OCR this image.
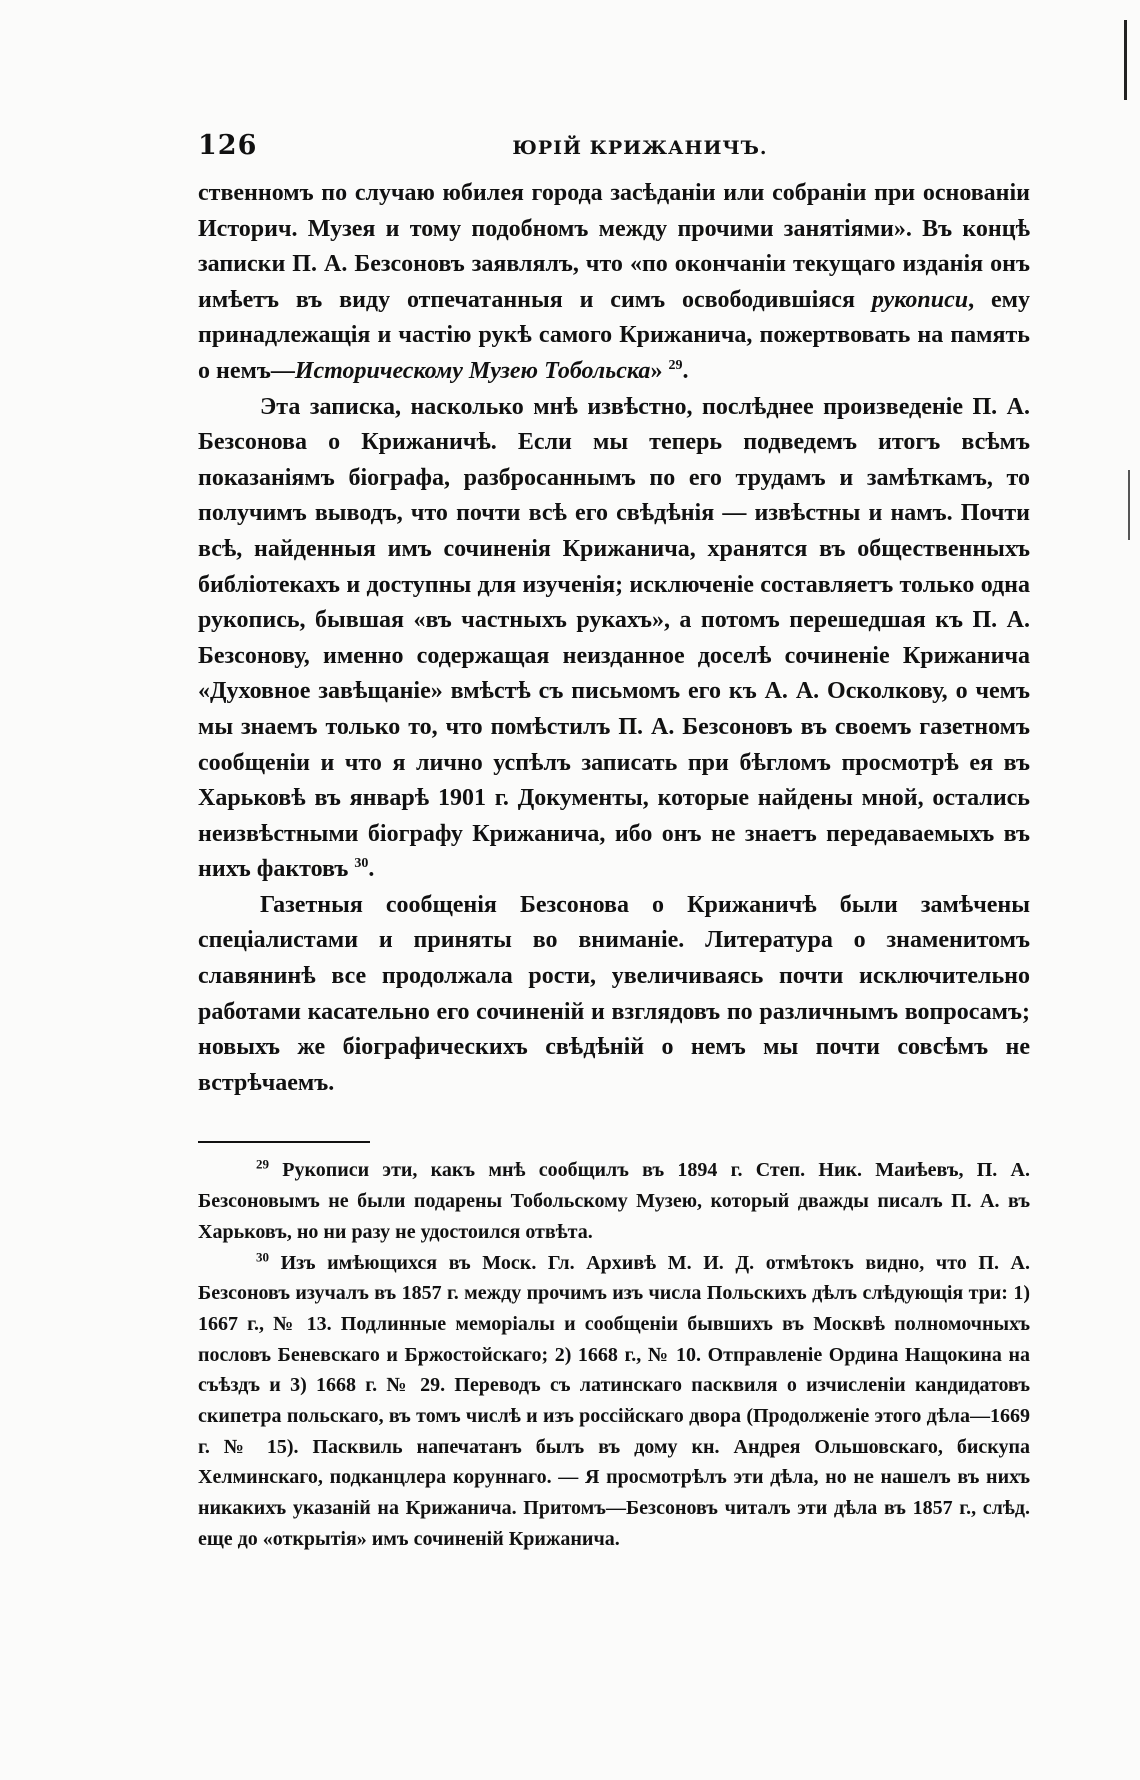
126	ЮРІЙ КРИЖАНИЧЪ.

ственномъ по случаю юбилея города засѣданіи или собраніи при основаніи Историч. Музея и тому подобномъ между прочими занятіями». Въ концѣ записки П. А. Безсоновъ заявлялъ, что «по окончаніи текущаго изданія онъ имѣетъ въ виду отпечатанныя и симъ освободившіяся рукописи, ему принадлежащія и частію рукѣ самого Крижанича, пожертвовать на память о немъ—Историческому Музею Тобольска» $^{29}$.

Эта записка, насколько мнѣ извѣстно, послѣднее произведеніе П. А. Безсонова о Крижаничѣ. Если мы теперь подведемъ итогъ всѣмъ показаніямъ біографа, разбросаннымъ по его трудамъ и замѣткамъ, то получимъ выводъ, что почти всѣ его свѣдѣнія — извѣстны и намъ. Почти всѣ, найденныя имъ сочиненія Крижанича, хранятся въ общественныхъ библіотекахъ и доступны для изученія; исключеніе составляетъ только одна рукопись, бывшая «въ частныхъ рукахъ», а потомъ перешедшая къ П. А. Безсонову, именно содержащая неизданное доселѣ сочиненіе Крижанича «Духовное завѣщаніе» вмѣстѣ съ письмомъ его къ А. А. Осколкову, о чемъ мы знаемъ только то, что помѣстилъ П. А. Безсоновъ въ своемъ газетномъ сообщеніи и что я лично успѣлъ записать при бѣгломъ просмотрѣ ея въ Харьковѣ въ январѣ 1901 г. Документы, которые найдены мной, остались неизвѣстными біографу Крижанича, ибо онъ не знаетъ передаваемыхъ въ нихъ фактовъ $^{30}$.

Газетныя сообщенія Безсонова о Крижаничѣ были замѣчены спеціалистами и приняты во вниманіе. Литература о знаменитомъ славянинѣ все продолжала рости, увеличиваясь почти исключительно работами касательно его сочиненій и взглядовъ по различнымъ вопросамъ; новыхъ же біографическихъ свѣдѣній о немъ мы почти совсѣмъ не встрѣчаемъ.

$^{29}$ Рукописи эти, какъ мнѣ сообщилъ въ 1894 г. Степ. Ник. Маиѣевъ, П. А. Безсоновымъ не были подарены Тобольскому Музею, который дважды писалъ П. А. въ Харьковъ, но ни разу не удостоился отвѣта.

$^{30}$ Изъ имѣющихся въ Моск. Гл. Архивѣ М. И. Д. отмѣтокъ видно, что П. А. Безсоновъ изучалъ въ 1857 г. между прочимъ изъ числа Польскихъ дѣлъ слѣдующія три: 1) 1667 г., № 13. Подлинные меморіалы и сообщеніи бывшихъ въ Москвѣ полномочныхъ пословъ Беневскаго и Бржостойскаго; 2) 1668 г., № 10. Отправленіе Ордина Нащокина на съѣздъ и 3) 1668 г. № 29. Переводъ съ латинскаго пасквиля о изчисленіи кандидатовъ скипетра польскаго, въ томъ числѣ и изъ россійскаго двора (Продолженіе этого дѣла—1669 г. № 15). Пасквиль напечатанъ былъ въ дому кн. Андрея Ольшовскаго, бискупа Хелминскаго, подканцлера коруннаго. — Я просмотрѣлъ эти дѣла, но не нашелъ въ нихъ никакихъ указаній на Крижанича. Притомъ—Безсоновъ читалъ эти дѣла въ 1857 г., слѣд. еще до «открытія» имъ сочиненій Крижанича.
